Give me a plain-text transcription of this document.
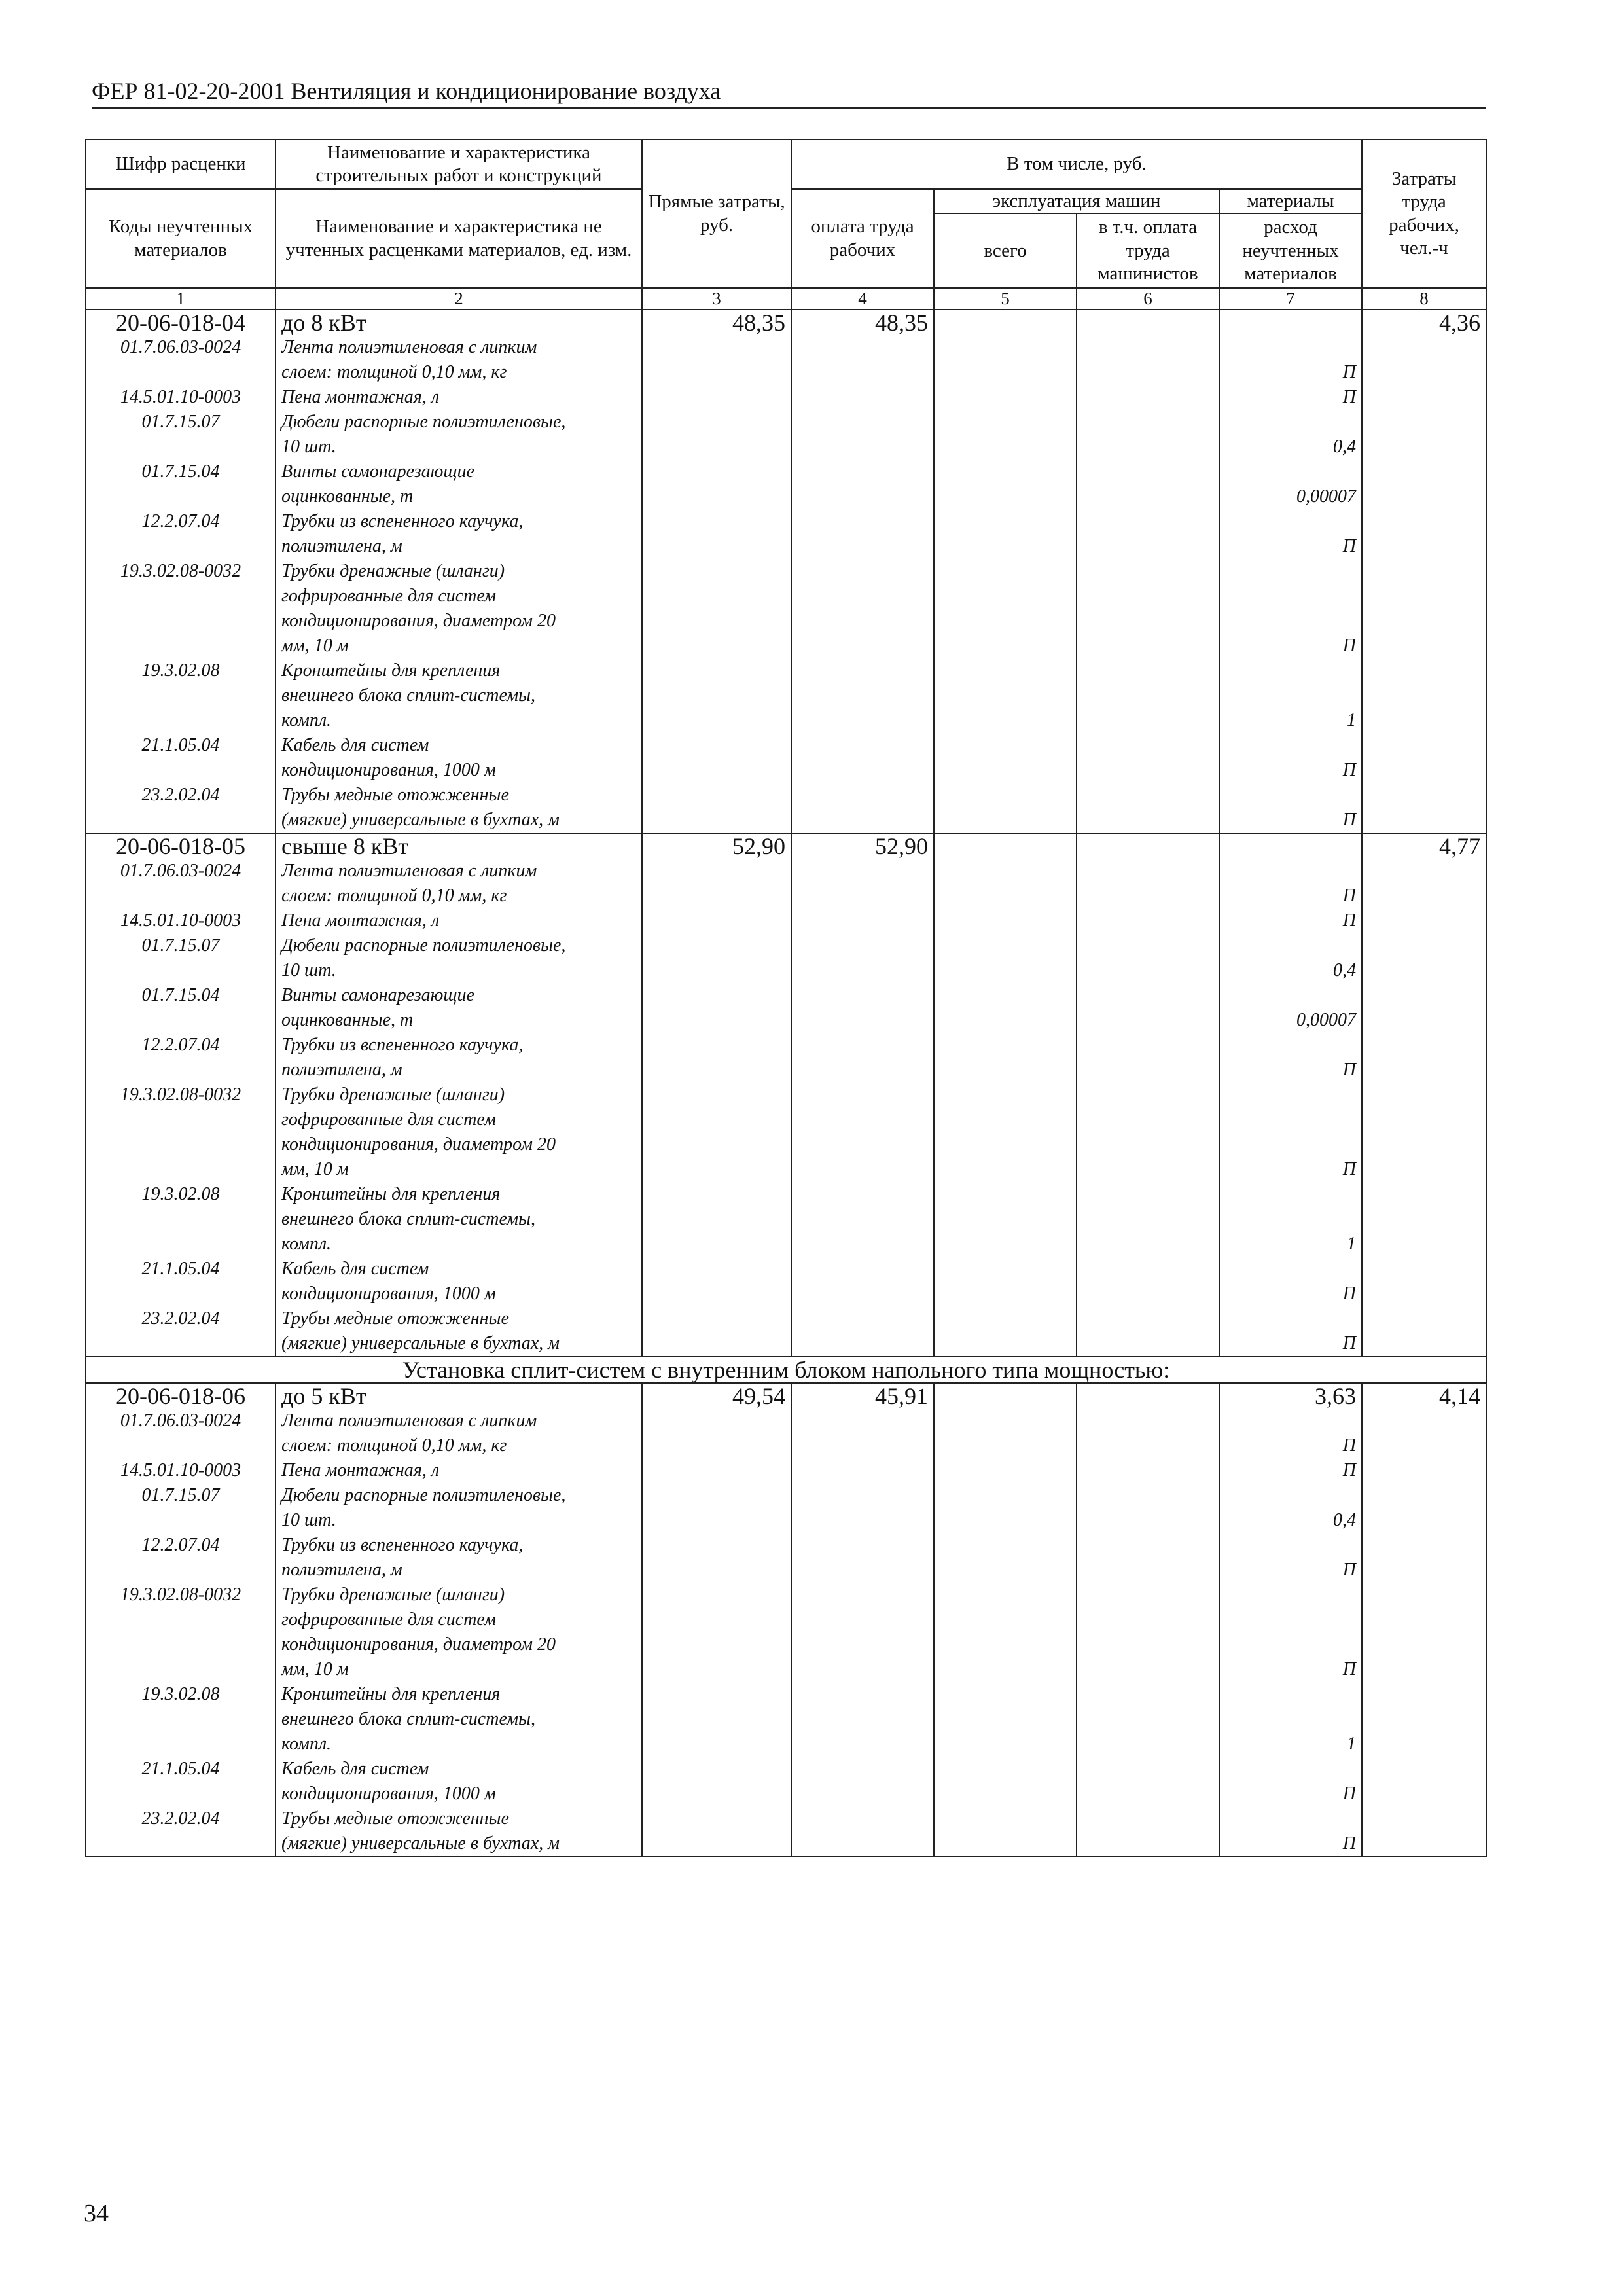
ФЕР 81-02-20-2001 Вентиляция и кондиционирование воздуха
Шифр расценки	Наименование и характеристика строительных работ и конструкций	Прямые затраты, руб.	В том числе, руб.				Затраты труда рабочих, чел.-ч
Коды неучтенных материалов	Наименование и характеристика не учтенных расценками материалов, ед. изм.		оплата труда рабочих	эксплуатация машин		материалы	
				всего	в т.ч. оплата труда машинистов	расход неучтенных материалов	
1	2	3	4	5	6	7	8
20-06-018-04	до 8 кВт	48,35	48,35				4,36
01.7.06.03-0024	Лента полиэтиленовая с липким						
	слоем: толщиной 0,10 мм, кг					П	
14.5.01.10-0003	Пена монтажная, л					П	
01.7.15.07	Дюбели распорные полиэтиленовые,						
	10 шт.					0,4	
01.7.15.04	Винты самонарезающие						
	оцинкованные, т					0,00007	
12.2.07.04	Трубки из вспененного каучука,						
	полиэтилена, м					П	
19.3.02.08-0032	Трубки дренажные (шланги)						
	гофрированные для систем						
	кондиционирования, диаметром 20						
	мм, 10 м					П	
19.3.02.08	Кронштейны для крепления						
	внешнего блока сплит-системы,						
	компл.					1	
21.1.05.04	Кабель для систем						
	кондиционирования, 1000 м					П	
23.2.02.04	Трубы медные отожженные						
	(мягкие) универсальные в бухтах, м					П	
20-06-018-05	свыше 8 кВт	52,90	52,90				4,77
01.7.06.03-0024	Лента полиэтиленовая с липким						
	слоем: толщиной 0,10 мм, кг					П	
14.5.01.10-0003	Пена монтажная, л					П	
01.7.15.07	Дюбели распорные полиэтиленовые,						
	10 шт.					0,4	
01.7.15.04	Винты самонарезающие						
	оцинкованные, т					0,00007	
12.2.07.04	Трубки из вспененного каучука,						
	полиэтилена, м					П	
19.3.02.08-0032	Трубки дренажные (шланги)						
	гофрированные для систем						
	кондиционирования, диаметром 20						
	мм, 10 м					П	
19.3.02.08	Кронштейны для крепления						
	внешнего блока сплит-системы,						
	компл.					1	
21.1.05.04	Кабель для систем						
	кондиционирования, 1000 м					П	
23.2.02.04	Трубы медные отожженные						
	(мягкие) универсальные в бухтах, м					П	
Установка сплит-систем с внутренним блоком напольного типа мощностью:							
20-06-018-06	до 5 кВт	49,54	45,91			3,63	4,14
01.7.06.03-0024	Лента полиэтиленовая с липким						
	слоем: толщиной 0,10 мм, кг					П	
14.5.01.10-0003	Пена монтажная, л					П	
01.7.15.07	Дюбели распорные полиэтиленовые,						
	10 шт.					0,4	
12.2.07.04	Трубки из вспененного каучука,						
	полиэтилена, м					П	
19.3.02.08-0032	Трубки дренажные (шланги)						
	гофрированные для систем						
	кондиционирования, диаметром 20						
	мм, 10 м					П	
19.3.02.08	Кронштейны для крепления						
	внешнего блока сплит-системы,						
	компл.					1	
21.1.05.04	Кабель для систем						
	кондиционирования, 1000 м					П	
23.2.02.04	Трубы медные отожженные						
	(мягкие) универсальные в бухтах, м					П	
34
